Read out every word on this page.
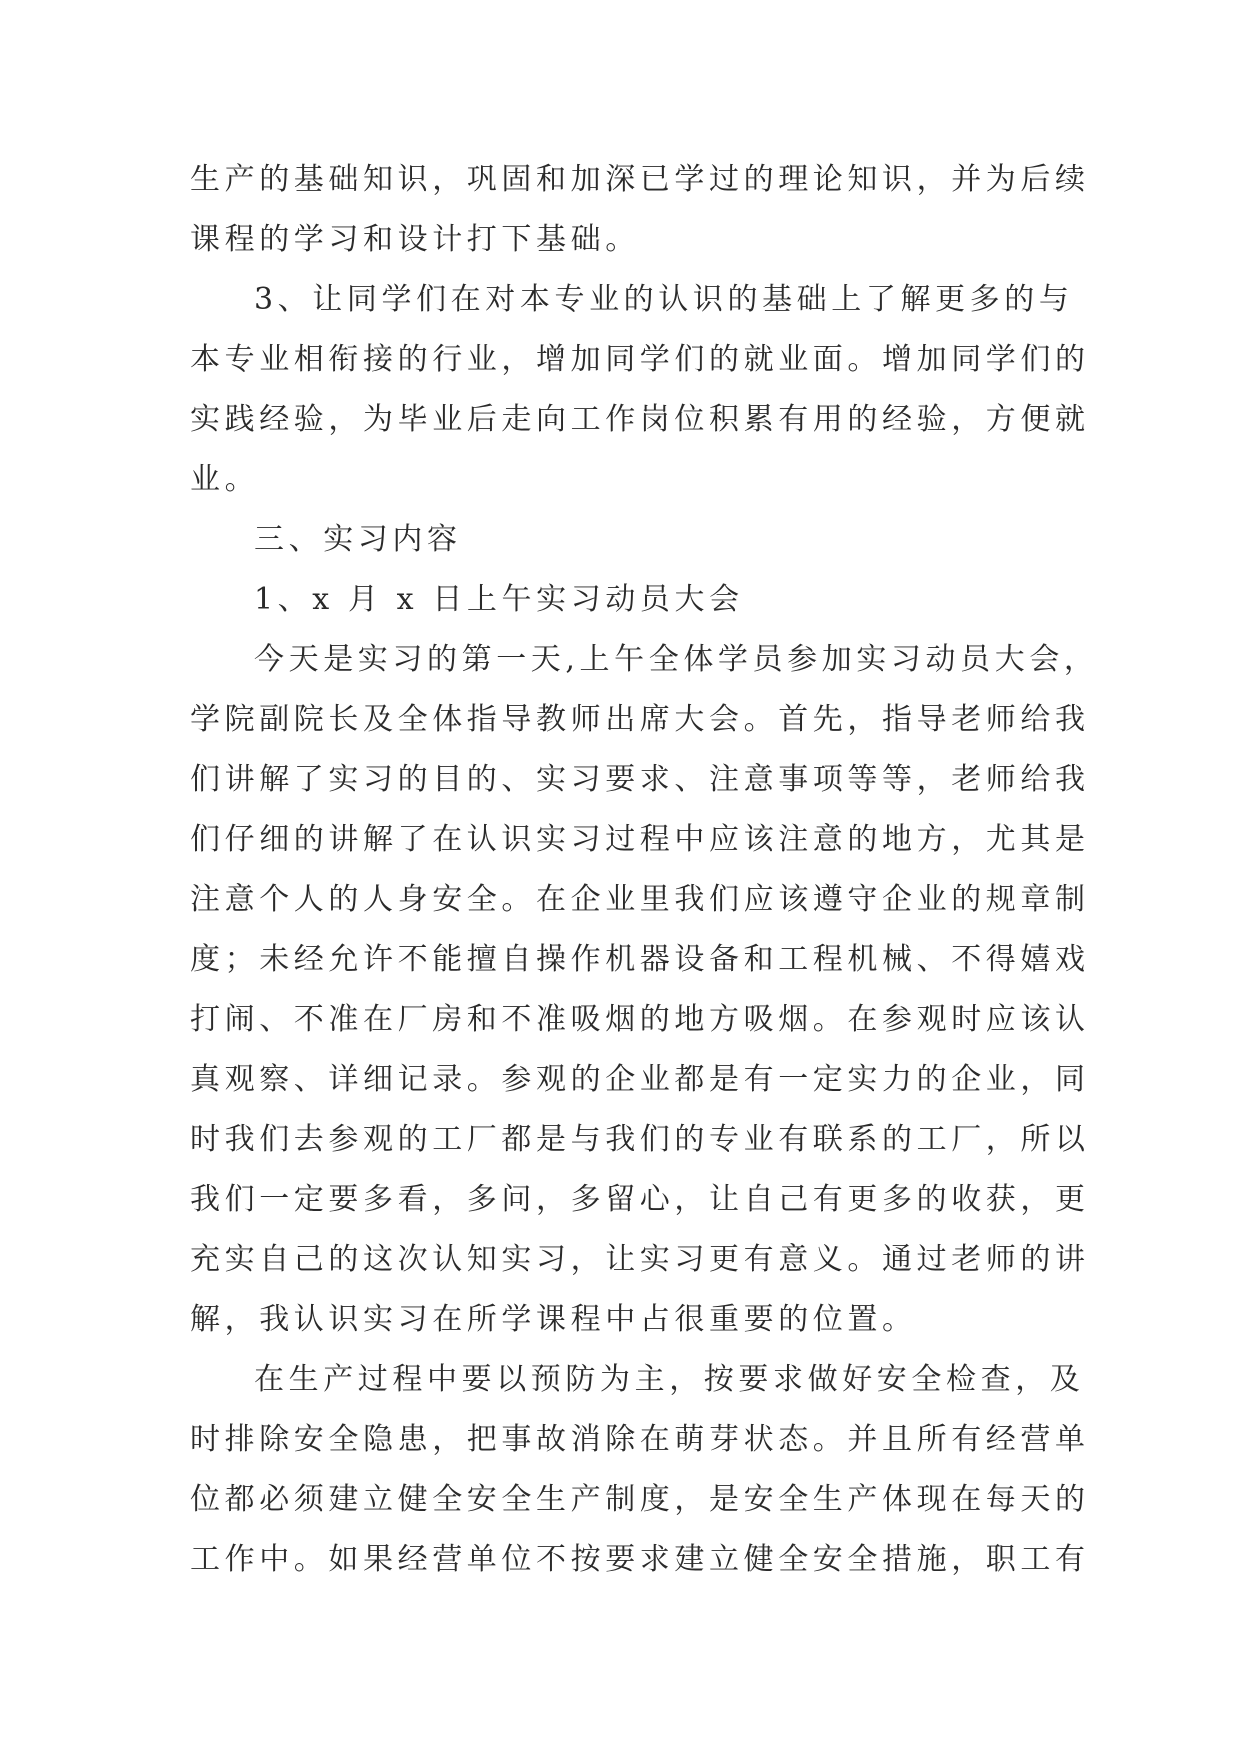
生产的基础知识，巩固和加深已学过的理论知识，并为后续
课程的学习和设计打下基础。
3、让同学们在对本专业的认识的基础上了解更多的与
本专业相衔接的行业，增加同学们的就业面。增加同学们的
实践经验，为毕业后走向工作岗位积累有用的经验，方便就
业。
三、实习内容
1、x 月 x 日上午实习动员大会
今天是实习的第一天,上午全体学员参加实习动员大会，
学院副院长及全体指导教师出席大会。首先，指导老师给我
们讲解了实习的目的、实习要求、注意事项等等，老师给我
们仔细的讲解了在认识实习过程中应该注意的地方，尤其是
注意个人的人身安全。在企业里我们应该遵守企业的规章制
度；未经允许不能擅自操作机器设备和工程机械、不得嬉戏
打闹、不准在厂房和不准吸烟的地方吸烟。在参观时应该认
真观察、详细记录。参观的企业都是有一定实力的企业，同
时我们去参观的工厂都是与我们的专业有联系的工厂，所以
我们一定要多看，多问，多留心，让自己有更多的收获，更
充实自己的这次认知实习，让实习更有意义。通过老师的讲
解，我认识实习在所学课程中占很重要的位置。
在生产过程中要以预防为主，按要求做好安全检查，及
时排除安全隐患，把事故消除在萌芽状态。并且所有经营单
位都必须建立健全安全生产制度，是安全生产体现在每天的
工作中。如果经营单位不按要求建立健全安全措施，职工有
